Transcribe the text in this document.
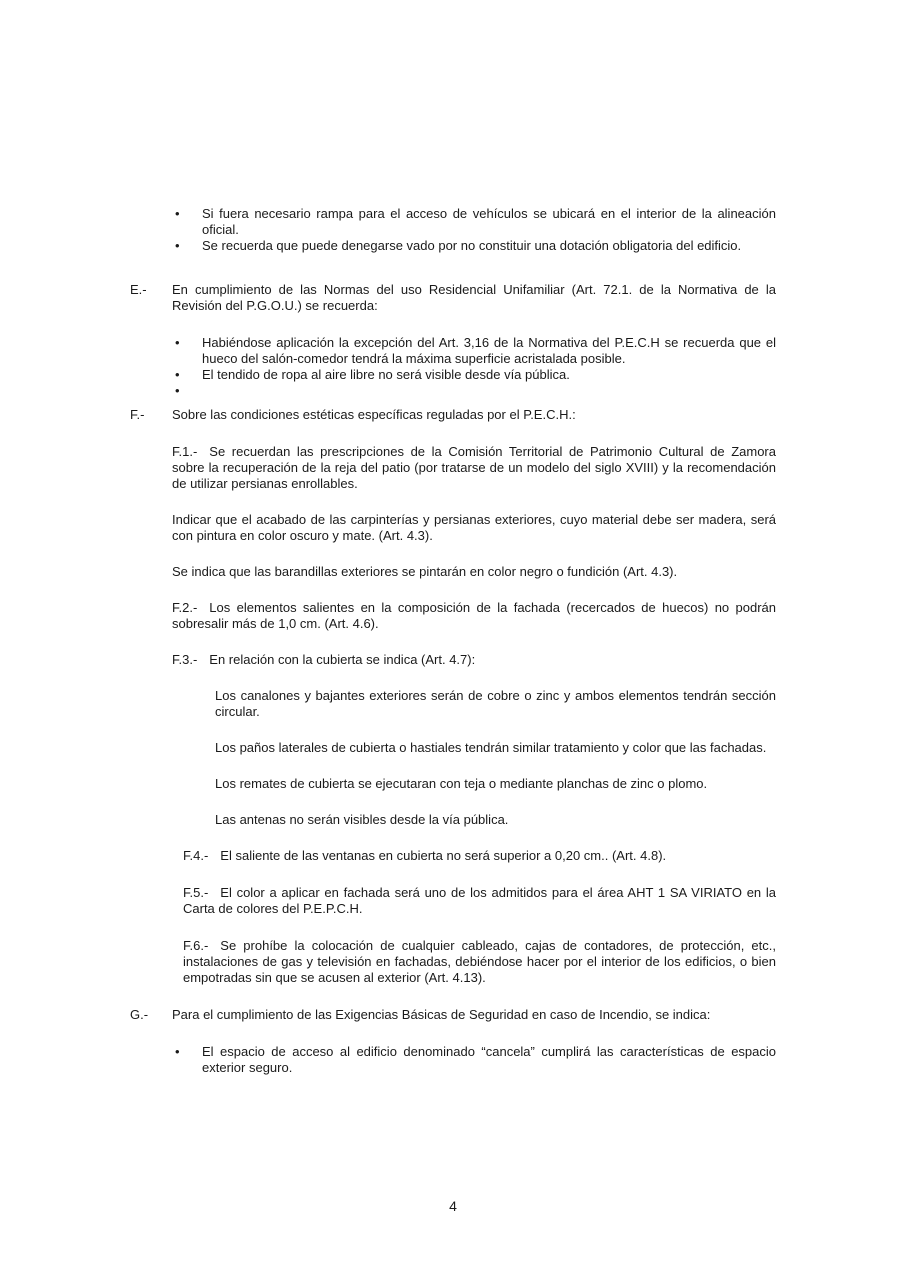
•	Si fuera necesario rampa para el acceso de vehículos se ubicará en el interior de la alineación oficial.
•	Se recuerda que puede denegarse vado por no constituir una dotación obligatoria del edificio.
E.-	En cumplimiento de las Normas del uso Residencial Unifamiliar (Art. 72.1. de la Normativa de la Revisión del P.G.O.U.) se recuerda:
•	Habiéndose aplicación la excepción del Art. 3,16 de la Normativa del P.E.C.H se recuerda que el hueco del salón-comedor tendrá la máxima superficie acristalada posible.
•	El tendido de ropa al aire libre no será visible desde vía pública.
•
F.-	Sobre las condiciones estéticas específicas reguladas por el P.E.C.H.:

F.1.- Se recuerdan las prescripciones de la Comisión Territorial de Patrimonio Cultural de Zamora sobre la recuperación de la reja del patio (por tratarse de un modelo del siglo XVIII) y la recomendación de utilizar persianas enrollables.

Indicar que el acabado de las carpinterías y persianas exteriores, cuyo material debe ser madera, será con pintura en color oscuro y mate. (Art. 4.3).

Se indica que las barandillas exteriores se pintarán en color negro o fundición (Art. 4.3).

F.2.- Los elementos salientes en la composición de la fachada (recercados de huecos) no podrán sobresalir más de 1,0 cm. (Art. 4.6).

F.3.- En relación con la cubierta se indica (Art. 4.7):

Los canalones y bajantes exteriores serán de cobre o zinc y ambos elementos tendrán sección circular.

Los paños laterales de cubierta o hastiales tendrán similar tratamiento y color que las fachadas.

Los remates de cubierta se ejecutaran con teja o mediante planchas de zinc o plomo.

Las antenas no serán visibles desde la vía pública.

F.4.- El saliente de las ventanas en cubierta no será superior a 0,20 cm.. (Art. 4.8).

F.5.- El color a aplicar en fachada será uno de los admitidos para el área AHT 1 SA VIRIATO en la Carta de colores del P.E.P.C.H.

F.6.- Se prohíbe la colocación de cualquier cableado, cajas de contadores, de protección, etc., instalaciones de gas y televisión en fachadas, debiéndose hacer por el interior de los edificios, o bien empotradas sin que se acusen al exterior (Art. 4.13).

G.-	Para el cumplimiento de las Exigencias Básicas de Seguridad en caso de Incendio, se indica:
•	El espacio de acceso al edificio denominado “cancela” cumplirá las características de espacio exterior seguro.
4
